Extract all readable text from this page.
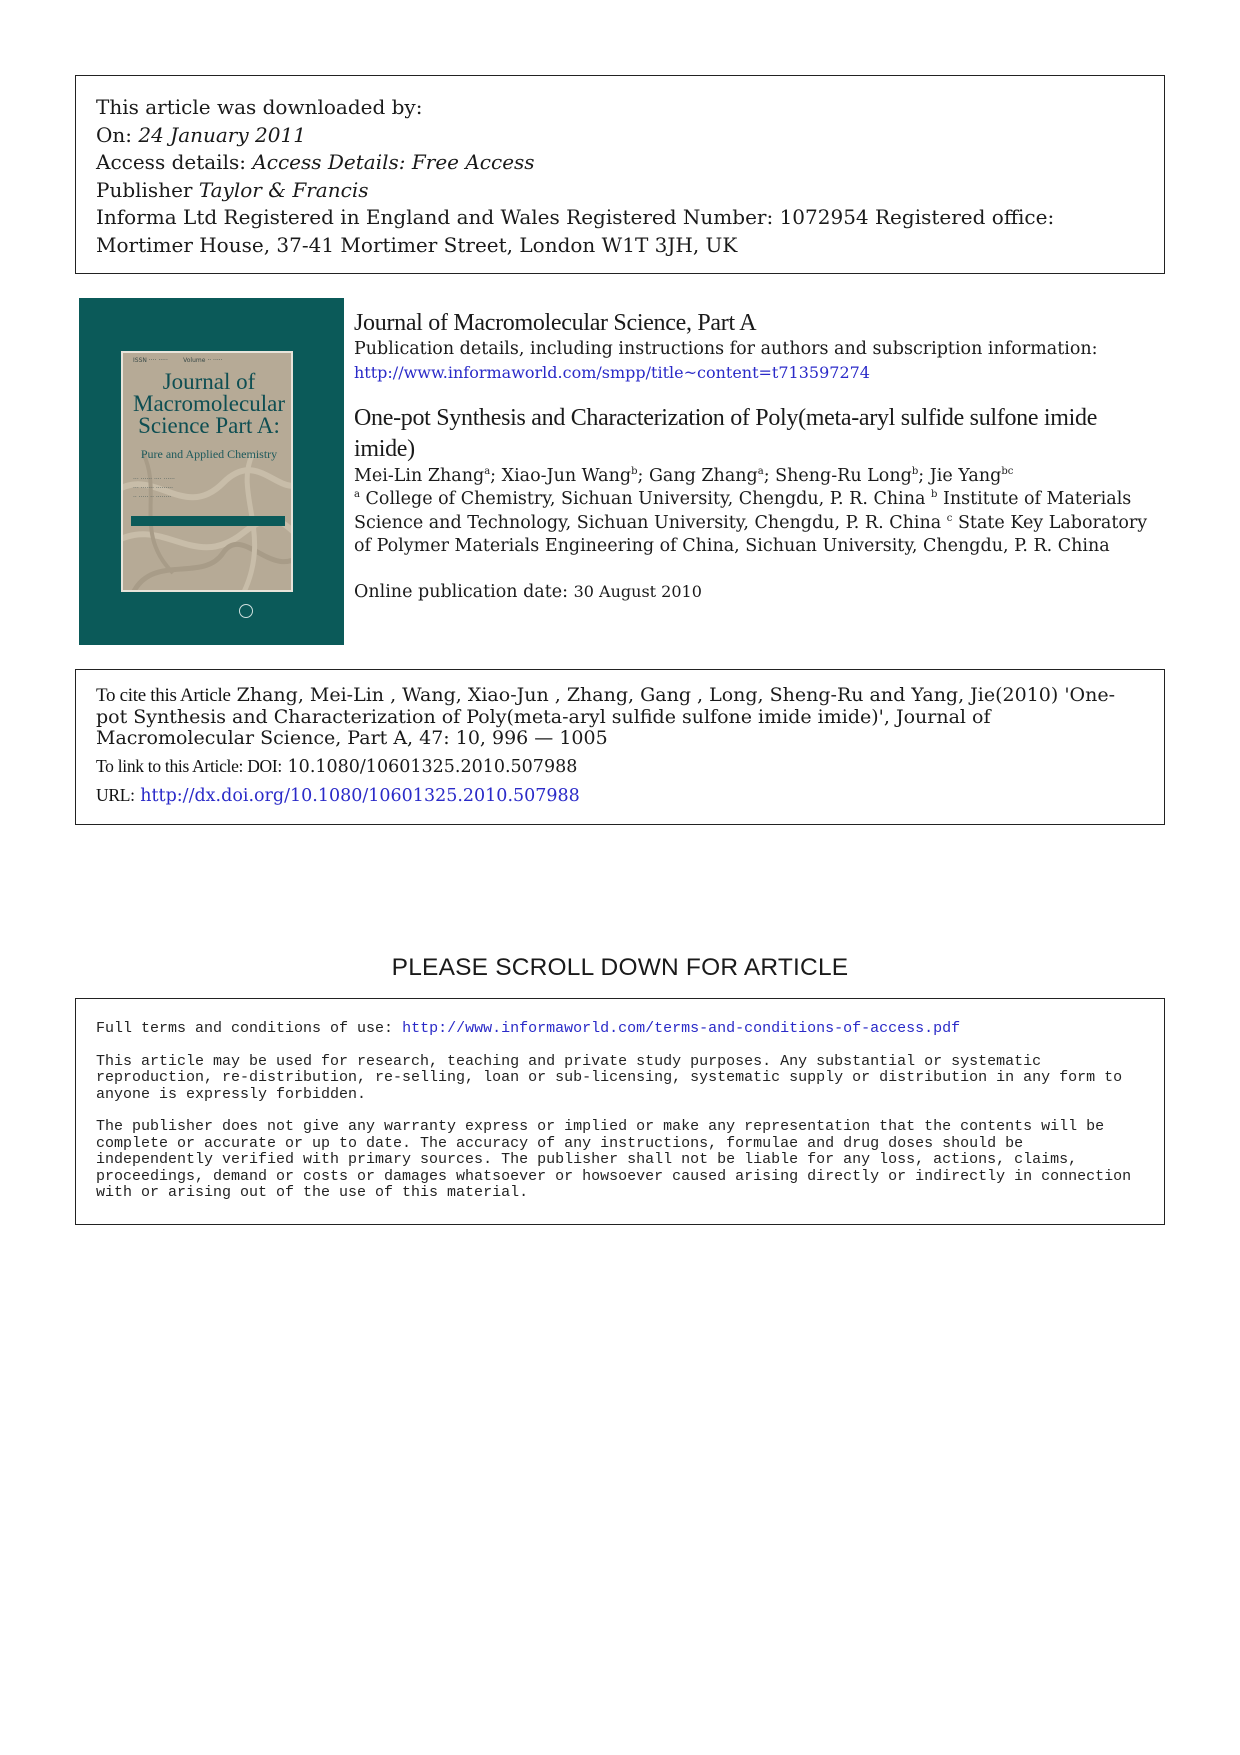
This article was downloaded by:
On: 24 January 2011
Access details: Access Details: Free Access
Publisher Taylor & Francis
Informa Ltd Registered in England and Wales Registered Number: 1072954 Registered office: Mortimer House, 37-41 Mortimer Street, London W1T 3JH, UK
ISSN ···· ·····        Volume ·· ·····
Journal of Macromolecular Science Part A:
Pure and Applied Chemistry
··· ······ ···· ······
··· ······· ·········
·· ····· ·· ········
Journal of Macromolecular Science, Part A
Publication details, including instructions for authors and subscription information:
http://www.informaworld.com/smpp/title~content=t713597274
One-pot Synthesis and Characterization of Poly(meta-aryl sulfide sulfone imide imide)
Mei-Lin Zhang$^a$; Xiao-Jun Wang$^b$; Gang Zhang$^a$; Sheng-Ru Long$^b$; Jie Yang$^{bc}$
$^a$ College of Chemistry, Sichuan University, Chengdu, P. R. China $^b$ Institute of Materials Science and Technology, Sichuan University, Chengdu, P. R. China $^c$ State Key Laboratory of Polymer Materials Engineering of China, Sichuan University, Chengdu, P. R. China
Online publication date: 30 August 2010
To cite this Article Zhang, Mei-Lin , Wang, Xiao-Jun , Zhang, Gang , Long, Sheng-Ru and Yang, Jie(2010) 'One-pot Synthesis and Characterization of Poly(meta-aryl sulfide sulfone imide imide)', Journal of Macromolecular Science, Part A, 47: 10, 996 — 1005
To link to this Article: DOI: 10.1080/10601325.2010.507988
URL: http://dx.doi.org/10.1080/10601325.2010.507988
PLEASE SCROLL DOWN FOR ARTICLE

Full terms and conditions of use: http://www.informaworld.com/terms-and-conditions-of-access.pdf

This article may be used for research, teaching and private study purposes. Any substantial or systematic reproduction, re-distribution, re-selling, loan or sub-licensing, systematic supply or distribution in any form to anyone is expressly forbidden.

The publisher does not give any warranty express or implied or make any representation that the contents will be complete or accurate or up to date. The accuracy of any instructions, formulae and drug doses should be independently verified with primary sources. The publisher shall not be liable for any loss, actions, claims, proceedings, demand or costs or damages whatsoever or howsoever caused arising directly or indirectly in connection with or arising out of the use of this material.
